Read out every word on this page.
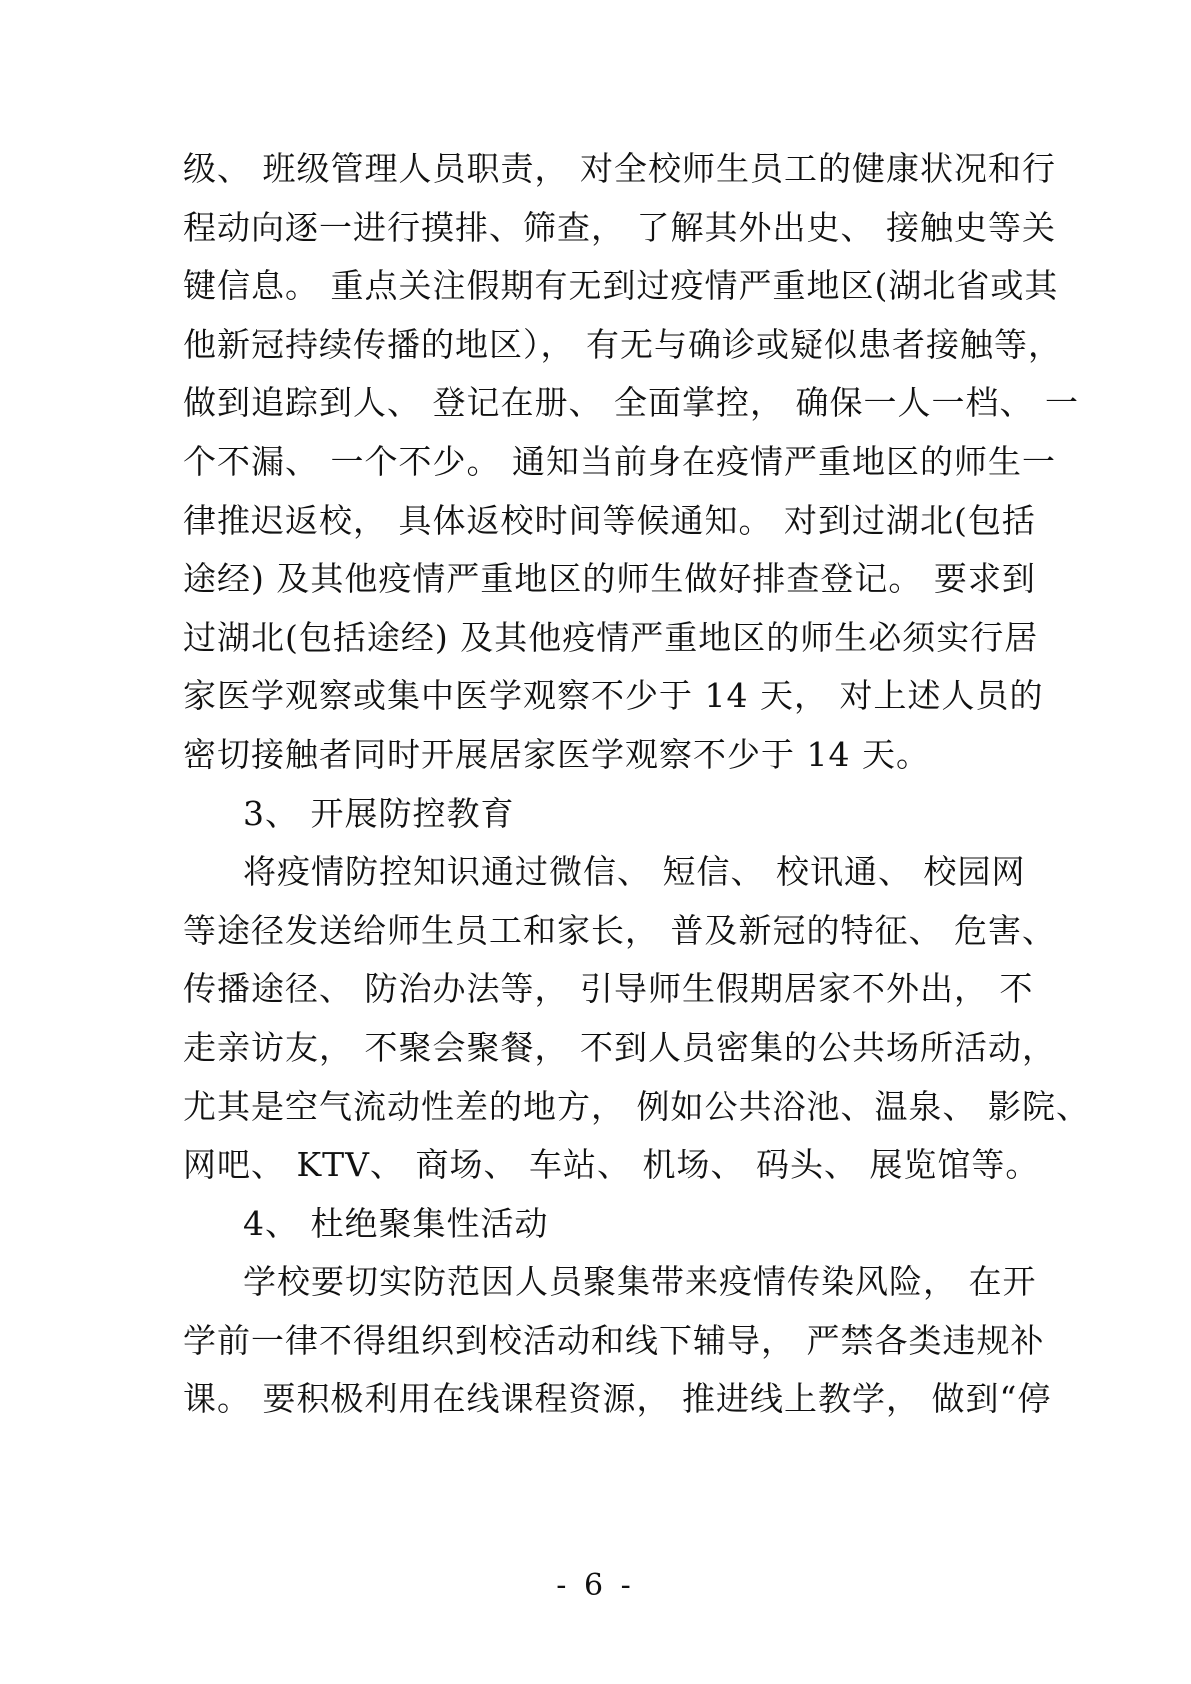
级、 班级管理人员职责， 对全校师生员工的健康状况和行
程动向逐一进行摸排、筛查， 了解其外出史、 接触史等关
键信息。 重点关注假期有无到过疫情严重地区(湖北省或其
他新冠持续传播的地区）， 有无与确诊或疑似患者接触等，
做到追踪到人、 登记在册、 全面掌控， 确保一人一档、 一
个不漏、 一个不少。 通知当前身在疫情严重地区的师生一
律推迟返校， 具体返校时间等候通知。 对到过湖北(包括
途经) 及其他疫情严重地区的师生做好排查登记。 要求到
过湖北(包括途经) 及其他疫情严重地区的师生必须实行居
家医学观察或集中医学观察不少于 14 天， 对上述人员的
密切接触者同时开展居家医学观察不少于 14 天。
3、 开展防控教育
将疫情防控知识通过微信、 短信、 校讯通、 校园网
等途径发送给师生员工和家长， 普及新冠的特征、 危害、
传播途径、 防治办法等， 引导师生假期居家不外出， 不
走亲访友， 不聚会聚餐， 不到人员密集的公共场所活动，
尤其是空气流动性差的地方， 例如公共浴池、温泉、 影院、
网吧、 KTV、 商场、 车站、 机场、 码头、 展览馆等。
4、 杜绝聚集性活动
学校要切实防范因人员聚集带来疫情传染风险， 在开
学前一律不得组织到校活动和线下辅导， 严禁各类违规补
课。 要积极利用在线课程资源， 推进线上教学， 做到“停
- 6 -
